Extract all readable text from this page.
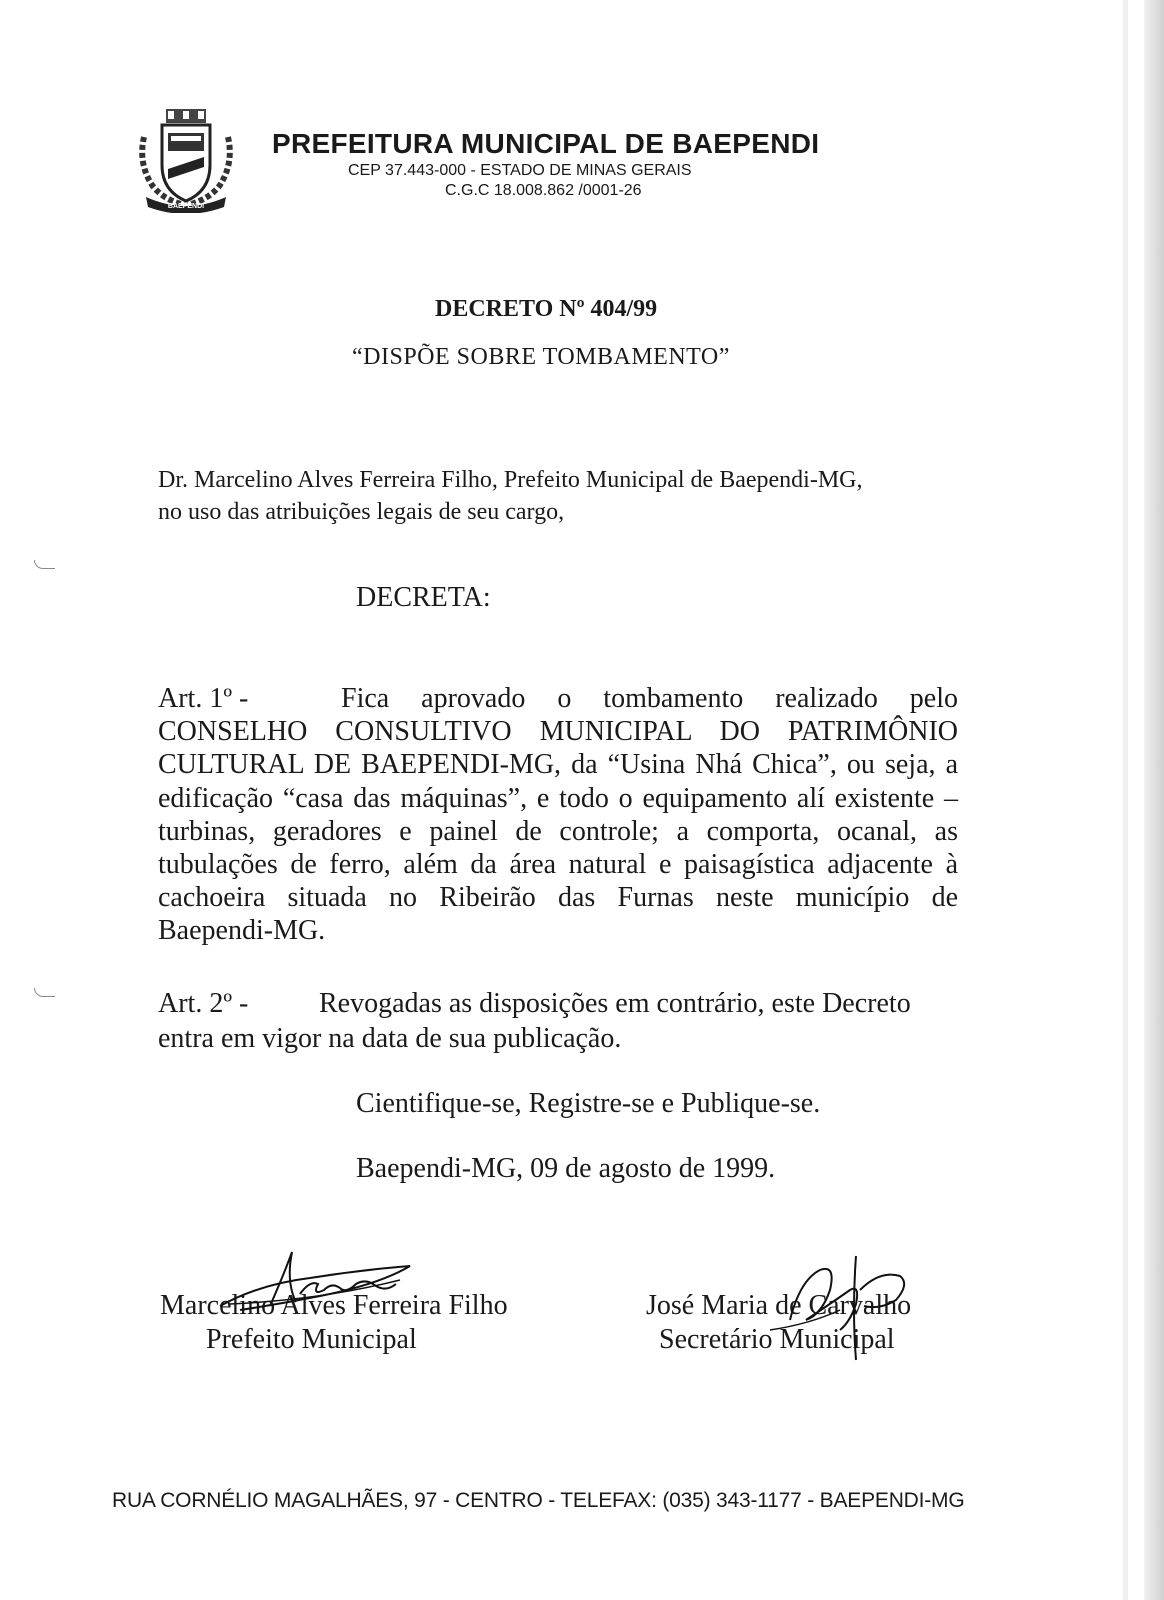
BAEPENDI
PREFEITURA MUNICIPAL DE BAEPENDI
CEP 37.443-000 - ESTADO DE MINAS GERAIS
C.G.C 18.008.862 /0001-26
DECRETO Nº 404/99
“DISPÕE SOBRE TOMBAMENTO”
Dr. Marcelino Alves Ferreira Filho, Prefeito Municipal de Baependi-MG,
no uso das atribuições legais de seu cargo,
DECRETA:
Art. 1º -	Fica aprovado o tombamento realizado pelo
CONSELHO CONSULTIVO MUNICIPAL DO PATRIMÔNIO CULTURAL DE BAEPENDI-MG, da “Usina Nhá Chica”, ou seja, a edificação “casa das máquinas”, e todo o equipamento alí existente – turbinas, geradores e painel de controle; a comporta, ocanal, as tubulações de ferro, além da área natural e paisagística adjacente à cachoeira situada no Ribeirão das Furnas neste município de Baependi-MG.
Art. 2º -	Revogadas as disposições em contrário, este Decreto
entra em vigor na data de sua publicação.
Cientifique-se, Registre-se e Publique-se.
Baependi-MG, 09 de agosto de 1999.
Marcelino Alves Ferreira Filho
Prefeito Municipal
José Maria de Carvalho
Secretário Municipal
RUA CORNÉLIO MAGALHÃES, 97 - CENTRO - TELEFAX: (035) 343-1177 - BAEPENDI-MG
